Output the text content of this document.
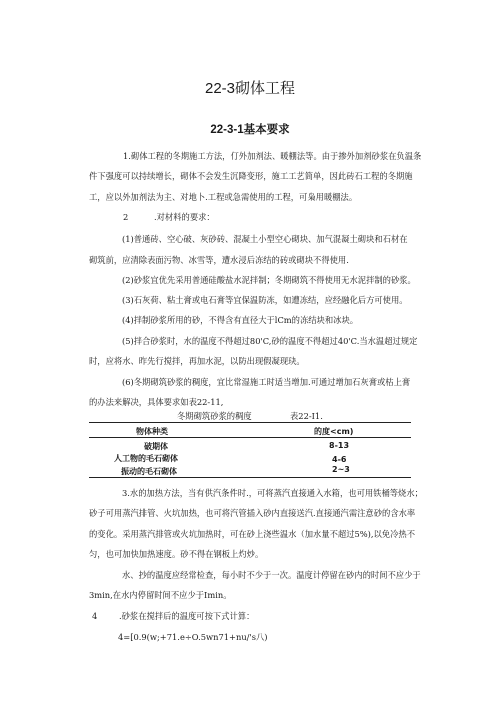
22-3砌体工程
22-3-1基本要求
1.砌体工程的冬期施工方法，仃外加剂法、暖棚法等。由于掺外加剂砂浆在负温条
件下强度可以持续增长，砌体不会发生沉降变形，施工工艺简单，因此砖石工程的冬期施
工，应以外加剂法为主、对地卜.工程或急需使用的工程，可枭用暖棚法。
2	.对材料的要求：
(1)普通砖、空心破、灰砂砖、混凝土小型空心砌块、加气混凝土砌块和石材在
砌筑前，应清除表面污物、冰雪等，遭水浸后冻结的砖或砌块不得使用.
(2)砂浆宜优先采用普通硅酸盐水泥拌制；冬期砌筑不得使用无水泥拌制的砂浆。
(3)石灰荷、粘土膏或电石膏等宜保温防冻，如遭冻结，应经融化后方可使用。
(4)拌制砂浆所用的砂，不得含有直径大于lCm的冻结块和冰块。
(5)拌合砂浆时，水的温度不得超过80'C,砂的温度不得超过40'C.当水温超过规定
时，应将水、昨先行搅拌，再加水泥，以防出现假凝现玦。
(6)冬期砌筑砂浆的稠度，宜比常湿施工时适当增加.可通过增加石灰膏或枯上膏
的办法来解决，具体要求如表22-11,
冬期砌筑砂浆的稠度	表22-I1.
物体种类	的度<cm)
破期体	8-13
人工物的毛石砌体	4-6
振动的毛石砌体	2~3
3.水的加热方法，当有供汽条件时.，可将蒸汽直接通入水箱，也可用铁桶等烧水；
砂子可用蒸汽排管、火坑加热，也可将汽管插入砂内直接送汽.直接通汽需注意砂的含水率
的变化。采用蒸汽排管或火坑加热时，可在砂上浇些温水（加水量不超过5%),以免冷热不
匀，也可加快加热速度。砂不得在钢板上灼炒。
水、抄的温度应经常检查，每小时不少于一次。温度计停留在砂内的时间不应少于
3min,在水内停留时间不应少于Imin。
4	.砂浆在搅拌后的温度可按下式计算：
4=[0.9(w;+71.e÷O.5wn71+nu/'s八)
